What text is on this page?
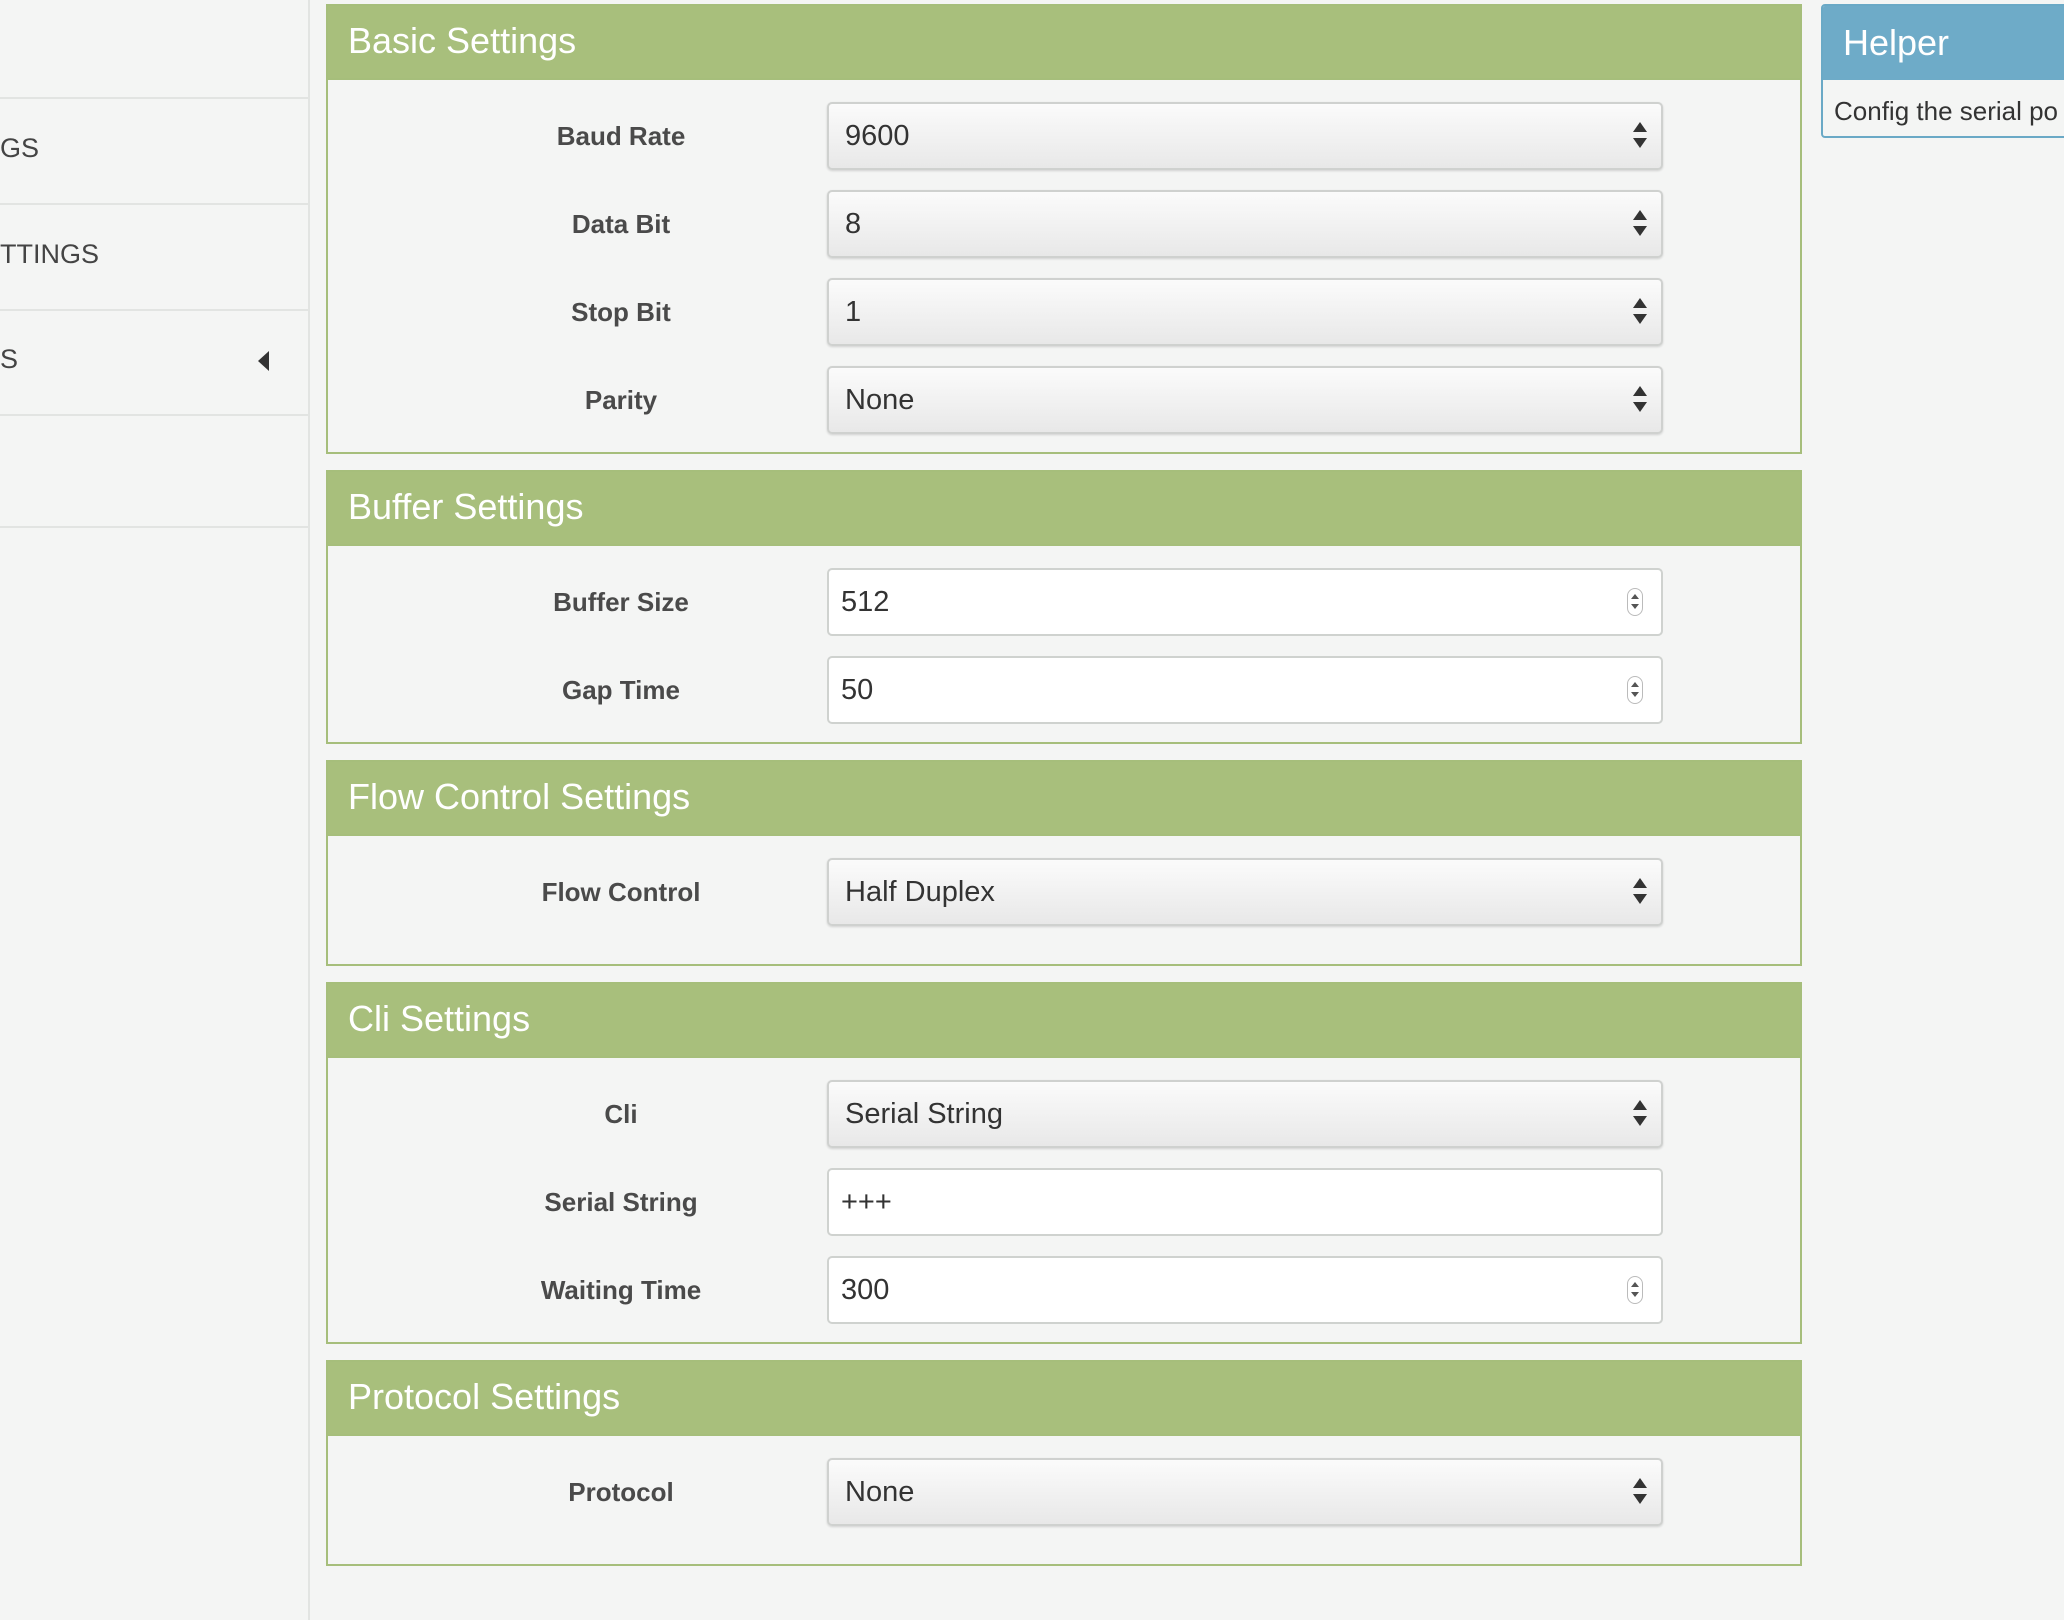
GS
TTINGS
S
Basic Settings
Baud Rate	9600
Data Bit	8
Stop Bit	1
Parity	None
Buffer Settings
Buffer Size	512
Gap Time	50
Flow Control Settings
Flow Control	Half Duplex
Cli Settings
Cli	Serial String
Serial String	+++
Waiting Time	300
Protocol Settings
Protocol	None
Helper
Config the serial po
